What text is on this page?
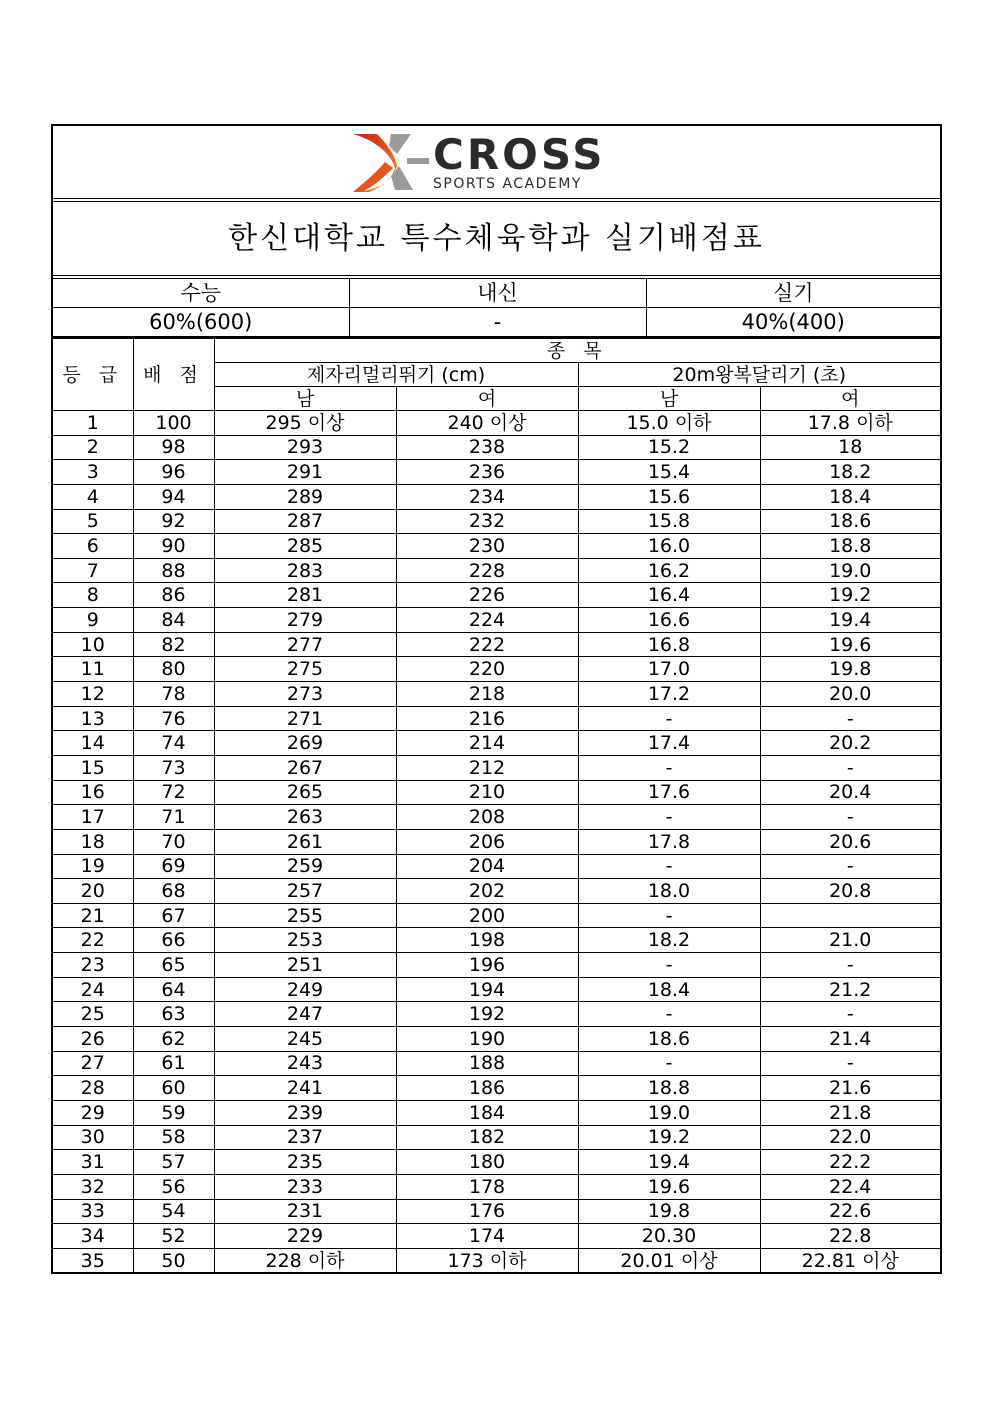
CROSS
SPORTS ACADEMY
한신대학교 특수체육학과 실기배점표
수능	내신	실기
60%(600)	-	40%(400)
등 급	배 점	종 목			
		제자리멀리뛰기 (cm)		20m왕복달리기 (초)	
		남	여	남	여
1	100	295 이상	240 이상	15.0 이하	17.8 이하
2	98	293	238	15.2	18
3	96	291	236	15.4	18.2
4	94	289	234	15.6	18.4
5	92	287	232	15.8	18.6
6	90	285	230	16.0	18.8
7	88	283	228	16.2	19.0
8	86	281	226	16.4	19.2
9	84	279	224	16.6	19.4
10	82	277	222	16.8	19.6
11	80	275	220	17.0	19.8
12	78	273	218	17.2	20.0
13	76	271	216	-	-
14	74	269	214	17.4	20.2
15	73	267	212	-	-
16	72	265	210	17.6	20.4
17	71	263	208	-	-
18	70	261	206	17.8	20.6
19	69	259	204	-	-
20	68	257	202	18.0	20.8
21	67	255	200	-	
22	66	253	198	18.2	21.0
23	65	251	196	-	-
24	64	249	194	18.4	21.2
25	63	247	192	-	-
26	62	245	190	18.6	21.4
27	61	243	188	-	-
28	60	241	186	18.8	21.6
29	59	239	184	19.0	21.8
30	58	237	182	19.2	22.0
31	57	235	180	19.4	22.2
32	56	233	178	19.6	22.4
33	54	231	176	19.8	22.6
34	52	229	174	20.30	22.8
35	50	228 이하	173 이하	20.01 이상	22.81 이상
